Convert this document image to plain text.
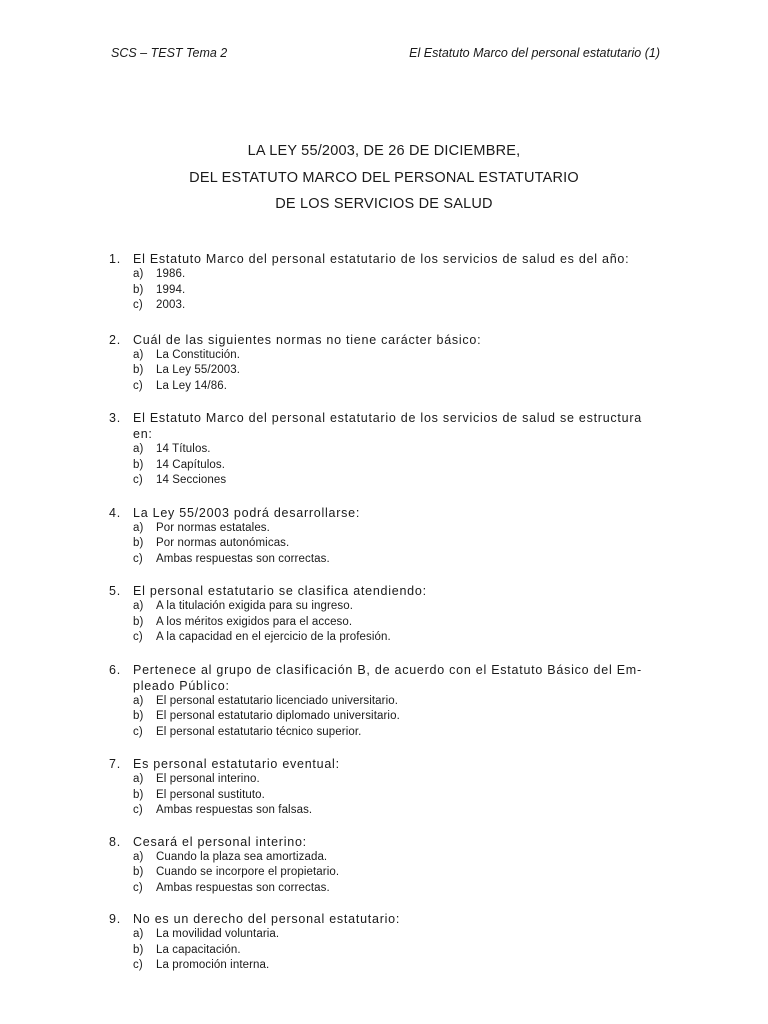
SCS – TEST Tema 2	El Estatuto Marco del personal estatutario (1)
LA LEY 55/2003, DE 26 DE DICIEMBRE,
DEL ESTATUTO MARCO DEL PERSONAL ESTATUTARIO
DE LOS SERVICIOS DE SALUD
1. El Estatuto Marco del personal estatutario de los servicios de salud es del año:
a) 1986.
b) 1994.
c) 2003.
2. Cuál de las siguientes normas no tiene carácter básico:
a) La Constitución.
b) La Ley 55/2003.
c) La Ley 14/86.
3. El Estatuto Marco del personal estatutario de los servicios de salud se estructura
en:
a) 14 Títulos.
b) 14 Capítulos.
c) 14 Secciones
4. La Ley 55/2003 podrá desarrollarse:
a) Por normas estatales.
b) Por normas autonómicas.
c) Ambas respuestas son correctas.
5. El personal estatutario se clasifica atendiendo:
a) A la titulación exigida para su ingreso.
b) A los méritos exigidos para el acceso.
c) A la capacidad en el ejercicio de la profesión.
6. Pertenece al grupo de clasificación B, de acuerdo con el Estatuto Básico del Em-
pleado Público:
a) El personal estatutario licenciado universitario.
b) El personal estatutario diplomado universitario.
c) El personal estatutario técnico superior.
7. Es personal estatutario eventual:
a) El personal interino.
b) El personal sustituto.
c) Ambas respuestas son falsas.
8. Cesará el personal interino:
a) Cuando la plaza sea amortizada.
b) Cuando se incorpore el propietario.
c) Ambas respuestas son correctas.
9. No es un derecho del personal estatutario:
a) La movilidad voluntaria.
b) La capacitación.
c) La promoción interna.
